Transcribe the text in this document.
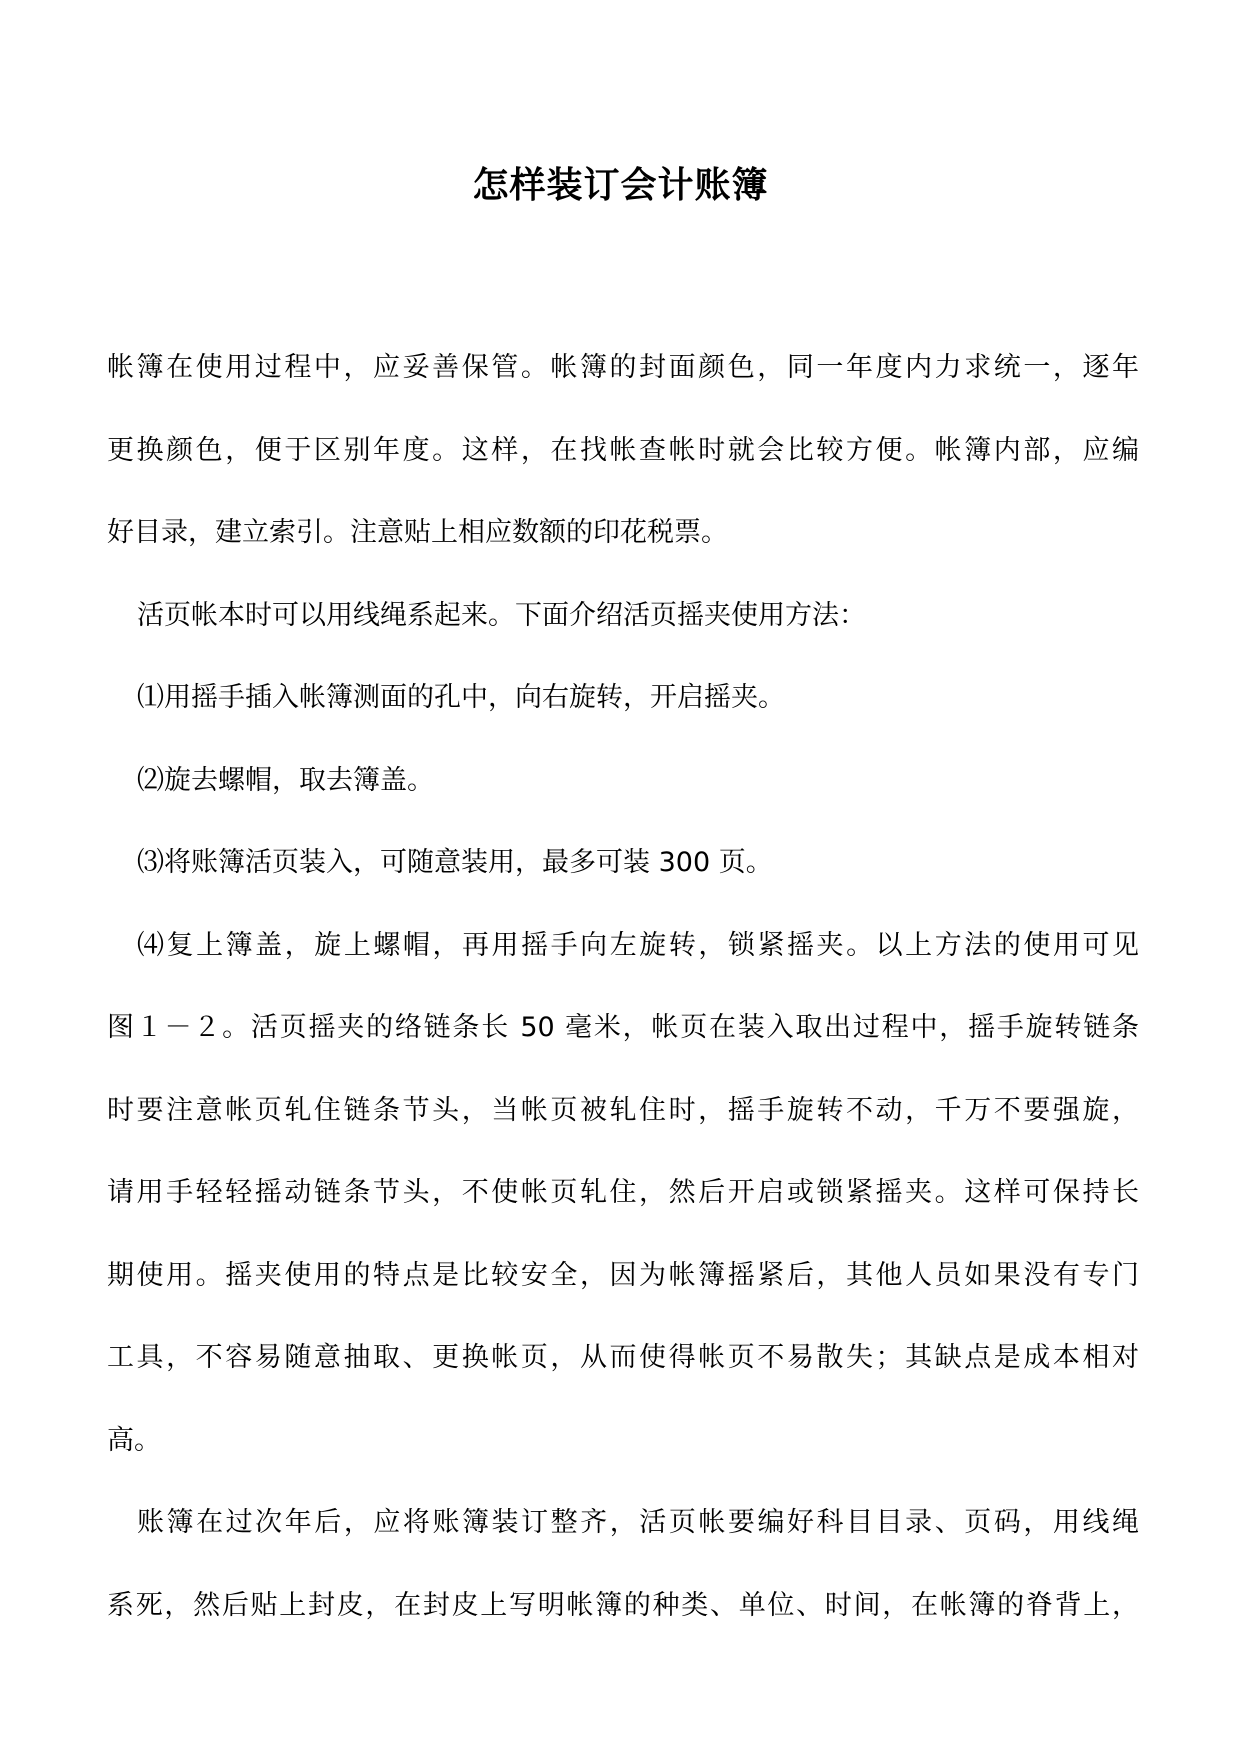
怎样装订会计账簿
帐簿在使用过程中，应妥善保管。帐簿的封面颜色，同一年度内力求统一，逐年
更换颜色，便于区别年度。这样，在找帐查帐时就会比较方便。帐簿内部，应编
好目录，建立索引。注意贴上相应数额的印花税票。
活页帐本时可以用线绳系起来。下面介绍活页摇夹使用方法：
⑴用摇手插入帐簿测面的孔中，向右旋转，开启摇夹。
⑵旋去螺帽，取去簿盖。
⑶将账簿活页装入，可随意装用，最多可装 300 页。
⑷复上簿盖，旋上螺帽，再用摇手向左旋转，锁紧摇夹。以上方法的使用可见
图１－２。活页摇夹的络链条长 50 毫米，帐页在装入取出过程中，摇手旋转链条
时要注意帐页轧住链条节头，当帐页被轧住时，摇手旋转不动，千万不要强旋，
请用手轻轻摇动链条节头，不使帐页轧住，然后开启或锁紧摇夹。这样可保持长
期使用。摇夹使用的特点是比较安全，因为帐簿摇紧后，其他人员如果没有专门
工具，不容易随意抽取、更换帐页，从而使得帐页不易散失；其缺点是成本相对
高。
账簿在过次年后，应将账簿装订整齐，活页帐要编好科目目录、页码，用线绳
系死，然后贴上封皮，在封皮上写明帐簿的种类、单位、时间，在帐簿的脊背上，
